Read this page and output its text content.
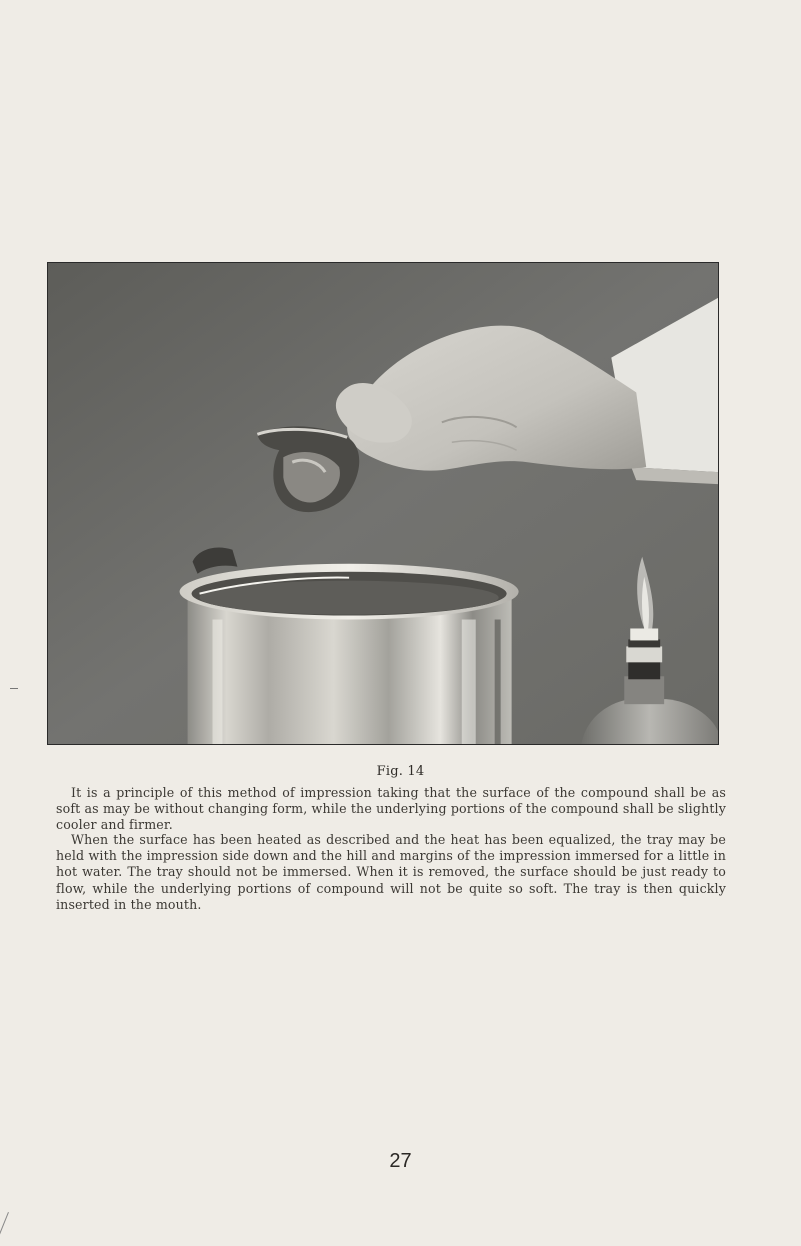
Fig. 14

It is a principle of this method of impression taking that the surface of the compound shall be as soft as may be without changing form, while the underlying portions of the compound shall be slightly cooler and firmer.

When the surface has been heated as described and the heat has been equalized, the tray may be held with the impression side down and the hill and margins of the impression immersed for a little in hot water. The tray should not be immersed. When it is removed, the surface should be just ready to flow, while the underlying portions of compound will not be quite so soft. The tray is then quickly inserted in the mouth.

27
